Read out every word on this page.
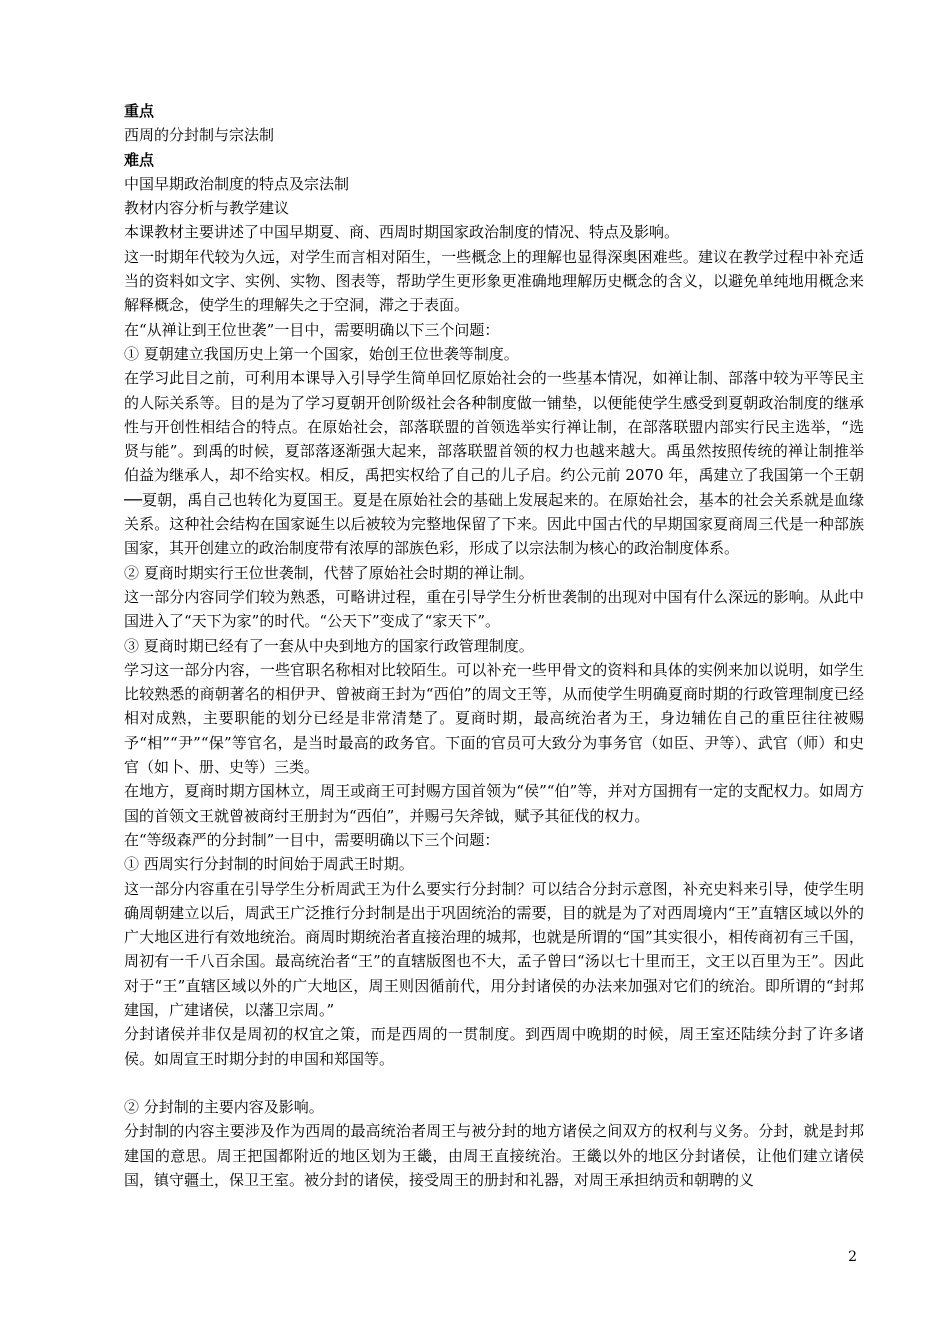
重点

西周的分封制与宗法制

难点

中国早期政治制度的特点及宗法制

教材内容分析与教学建议

本课教材主要讲述了中国早期夏、商、西周时期国家政治制度的情况、特点及影响。

这一时期年代较为久远，对学生而言相对陌生，一些概念上的理解也显得深奥困难些。建议在教学过程中补充适当的资料如文字、实例、实物、图表等，帮助学生更形象更准确地理解历史概念的含义，以避免单纯地用概念来解释概念，使学生的理解失之于空洞，滞之于表面。

在“从禅让到王位世袭”一目中，需要明确以下三个问题：

① 夏朝建立我国历史上第一个国家，始创王位世袭等制度。

在学习此目之前，可利用本课导入引导学生简单回忆原始社会的一些基本情况，如禅让制、部落中较为平等民主的人际关系等。目的是为了学习夏朝开创阶级社会各种制度做一铺垫，以便能使学生感受到夏朝政治制度的继承性与开创性相结合的特点。在原始社会，部落联盟的首领选举实行禅让制，在部落联盟内部实行民主选举，“选贤与能”。到禹的时候，夏部落逐渐强大起来，部落联盟首领的权力也越来越大。禹虽然按照传统的禅让制推举伯益为继承人，却不给实权。相反，禹把实权给了自己的儿子启。约公元前 2070 年，禹建立了我国第一个王朝──夏朝，禹自己也转化为夏国王。夏是在原始社会的基础上发展起来的。在原始社会，基本的社会关系就是血缘关系。这种社会结构在国家诞生以后被较为完整地保留了下来。因此中国古代的早期国家夏商周三代是一种部族国家，其开创建立的政治制度带有浓厚的部族色彩，形成了以宗法制为核心的政治制度体系。

② 夏商时期实行王位世袭制，代替了原始社会时期的禅让制。

这一部分内容同学们较为熟悉，可略讲过程，重在引导学生分析世袭制的出现对中国有什么深远的影响。从此中国进入了“天下为家”的时代。“公天下”变成了“家天下”。

③ 夏商时期已经有了一套从中央到地方的国家行政管理制度。

学习这一部分内容，一些官职名称相对比较陌生。可以补充一些甲骨文的资料和具体的实例来加以说明，如学生比较熟悉的商朝著名的相伊尹、曾被商王封为“西伯”的周文王等，从而使学生明确夏商时期的行政管理制度已经相对成熟，主要职能的划分已经是非常清楚了。夏商时期，最高统治者为王，身边辅佐自己的重臣往往被赐予“相”“尹”“保”等官名，是当时最高的政务官。下面的官员可大致分为事务官（如臣、尹等）、武官（师）和史官（如卜、册、史等）三类。

在地方，夏商时期方国林立，周王或商王可封赐方国首领为“侯”“伯”等，并对方国拥有一定的支配权力。如周方国的首领文王就曾被商纣王册封为“西伯”，并赐弓矢斧钺，赋予其征伐的权力。

在“等级森严的分封制”一目中，需要明确以下三个问题：

① 西周实行分封制的时间始于周武王时期。

这一部分内容重在引导学生分析周武王为什么要实行分封制？可以结合分封示意图，补充史料来引导，使学生明确周朝建立以后，周武王广泛推行分封制是出于巩固统治的需要，目的就是为了对西周境内“王”直辖区域以外的广大地区进行有效地统治。商周时期统治者直接治理的城邦，也就是所谓的“国”其实很小，相传商初有三千国，周初有一千八百余国。最高统治者“王”的直辖版图也不大，孟子曾曰“汤以七十里而王，文王以百里为王”。因此对于“王”直辖区域以外的广大地区，周王则因循前代，用分封诸侯的办法来加强对它们的统治。即所谓的“封邦建国，广建诸侯，以藩卫宗周。”

分封诸侯并非仅是周初的权宜之策，而是西周的一贯制度。到西周中晚期的时候，周王室还陆续分封了许多诸侯。如周宣王时期分封的申国和郑国等。

② 分封制的主要内容及影响。

分封制的内容主要涉及作为西周的最高统治者周王与被分封的地方诸侯之间双方的权利与义务。分封，就是封邦建国的意思。周王把国都附近的地区划为王畿，由周王直接统治。王畿以外的地区分封诸侯，让他们建立诸侯国，镇守疆土，保卫王室。被分封的诸侯，接受周王的册封和礼器，对周王承担纳贡和朝聘的义

2
